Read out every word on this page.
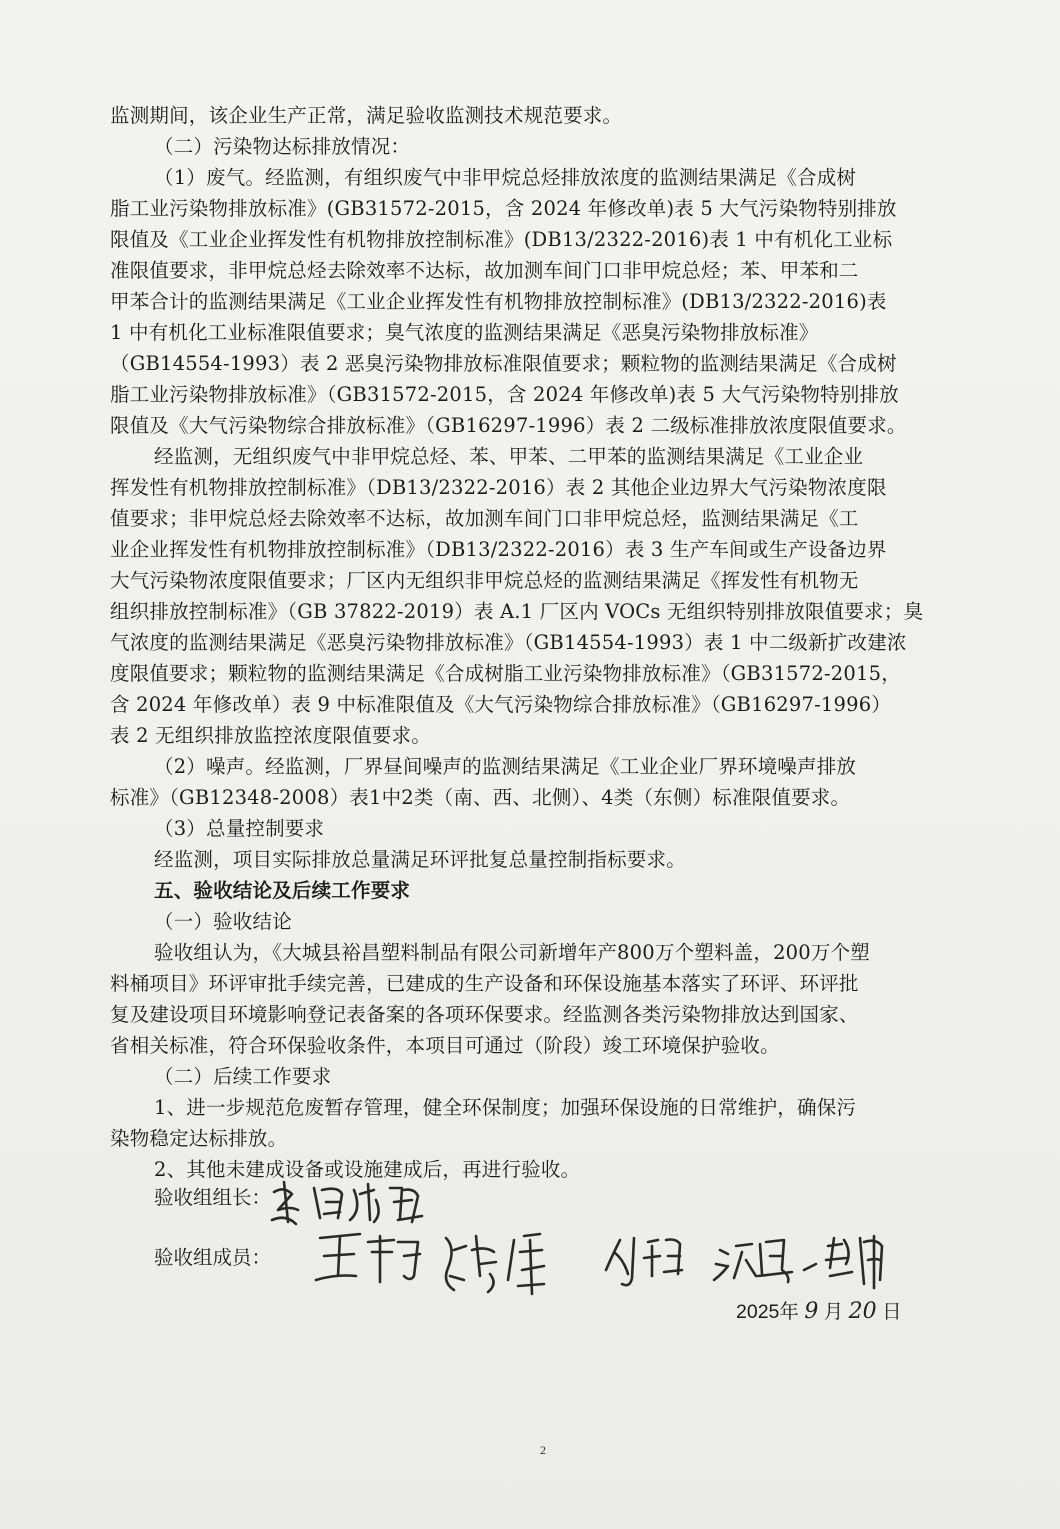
监测期间，该企业生产正常，满足验收监测技术规范要求。
（二）污染物达标排放情况：
（1）废气。经监测，有组织废气中非甲烷总烃排放浓度的监测结果满足《合成树
脂工业污染物排放标准》(GB31572-2015，含 2024 年修改单)表 5 大气污染物特别排放
限值及《工业企业挥发性有机物排放控制标准》(DB13/2322-2016)表 1 中有机化工业标
准限值要求，非甲烷总烃去除效率不达标，故加测车间门口非甲烷总烃；苯、甲苯和二
甲苯合计的监测结果满足《工业企业挥发性有机物排放控制标准》(DB13/2322-2016)表
1 中有机化工业标准限值要求；臭气浓度的监测结果满足《恶臭污染物排放标准》
（GB14554-1993）表 2 恶臭污染物排放标准限值要求；颗粒物的监测结果满足《合成树
脂工业污染物排放标准》（GB31572-2015，含 2024 年修改单)表 5 大气污染物特别排放
限值及《大气污染物综合排放标准》（GB16297-1996）表 2 二级标准排放浓度限值要求。
经监测，无组织废气中非甲烷总烃、苯、甲苯、二甲苯的监测结果满足《工业企业
挥发性有机物排放控制标准》（DB13/2322-2016）表 2 其他企业边界大气污染物浓度限
值要求；非甲烷总烃去除效率不达标，故加测车间门口非甲烷总烃，监测结果满足《工
业企业挥发性有机物排放控制标准》（DB13/2322-2016）表 3 生产车间或生产设备边界
大气污染物浓度限值要求；厂区内无组织非甲烷总烃的监测结果满足《挥发性有机物无
组织排放控制标准》（GB 37822-2019）表 A.1 厂区内 VOCs 无组织特别排放限值要求；臭
气浓度的监测结果满足《恶臭污染物排放标准》（GB14554-1993）表 1 中二级新扩改建浓
度限值要求；颗粒物的监测结果满足《合成树脂工业污染物排放标准》（GB31572-2015，
含 2024 年修改单）表 9 中标准限值及《大气污染物综合排放标准》（GB16297-1996）
表 2 无组织排放监控浓度限值要求。
（2）噪声。经监测，厂界昼间噪声的监测结果满足《工业企业厂界环境噪声排放
标准》（GB12348-2008）表1中2类（南、西、北侧）、4类（东侧）标准限值要求。
（3）总量控制要求
经监测，项目实际排放总量满足环评批复总量控制指标要求。
五、验收结论及后续工作要求
（一）验收结论
验收组认为，《大城县裕昌塑料制品有限公司新增年产800万个塑料盖，200万个塑
料桶项目》环评审批手续完善，已建成的生产设备和环保设施基本落实了环评、环评批
复及建设项目环境影响登记表备案的各项环保要求。经监测各类污染物排放达到国家、
省相关标准，符合环保验收条件，本项目可通过（阶段）竣工环境保护验收。
（二）后续工作要求
1、进一步规范危废暂存管理，健全环保制度；加强环保设施的日常维护，确保污
染物稳定达标排放。
2、其他未建成设备或设施建成后，再进行验收。
验收组组长：
验收组成员：
2025年 9 月 20 日
2
